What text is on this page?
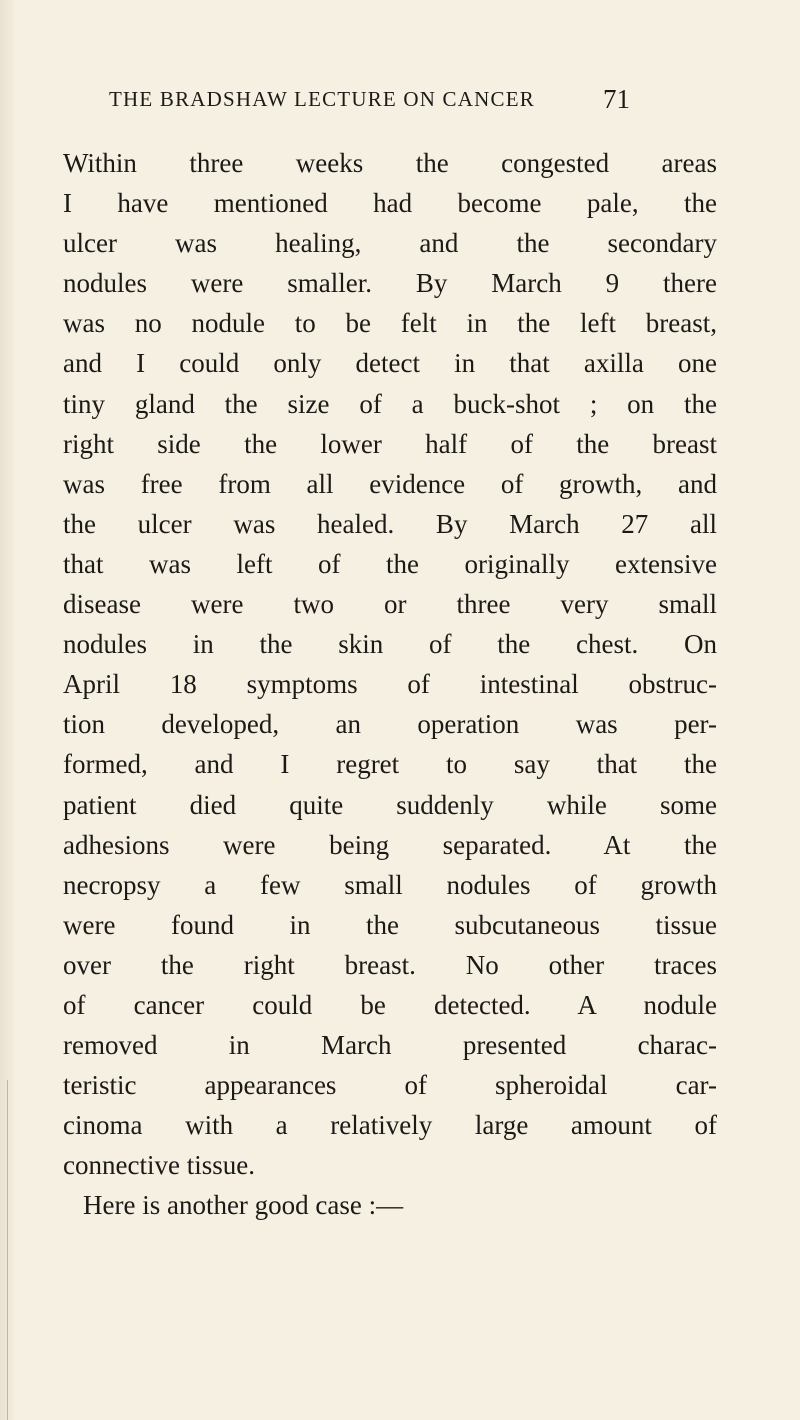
THE BRADSHAW LECTURE ON CANCER	71
Within three weeks the congested areas
I have mentioned had become pale, the
ulcer was healing, and the secondary
nodules were smaller. By March 9 there
was no nodule to be felt in the left breast,
and I could only detect in that axilla one
tiny gland the size of a buck-shot ; on the
right side the lower half of the breast
was free from all evidence of growth, and
the ulcer was healed. By March 27 all
that was left of the originally extensive
disease were two or three very small
nodules in the skin of the chest. On
April 18 symptoms of intestinal obstruc-
tion developed, an operation was per-
formed, and I regret to say that the
patient died quite suddenly while some
adhesions were being separated. At the
necropsy a few small nodules of growth
were found in the subcutaneous tissue
over the right breast. No other traces
of cancer could be detected. A nodule
removed in March presented charac-
teristic appearances of spheroidal car-
cinoma with a relatively large amount of
connective tissue.
Here is another good case :—
